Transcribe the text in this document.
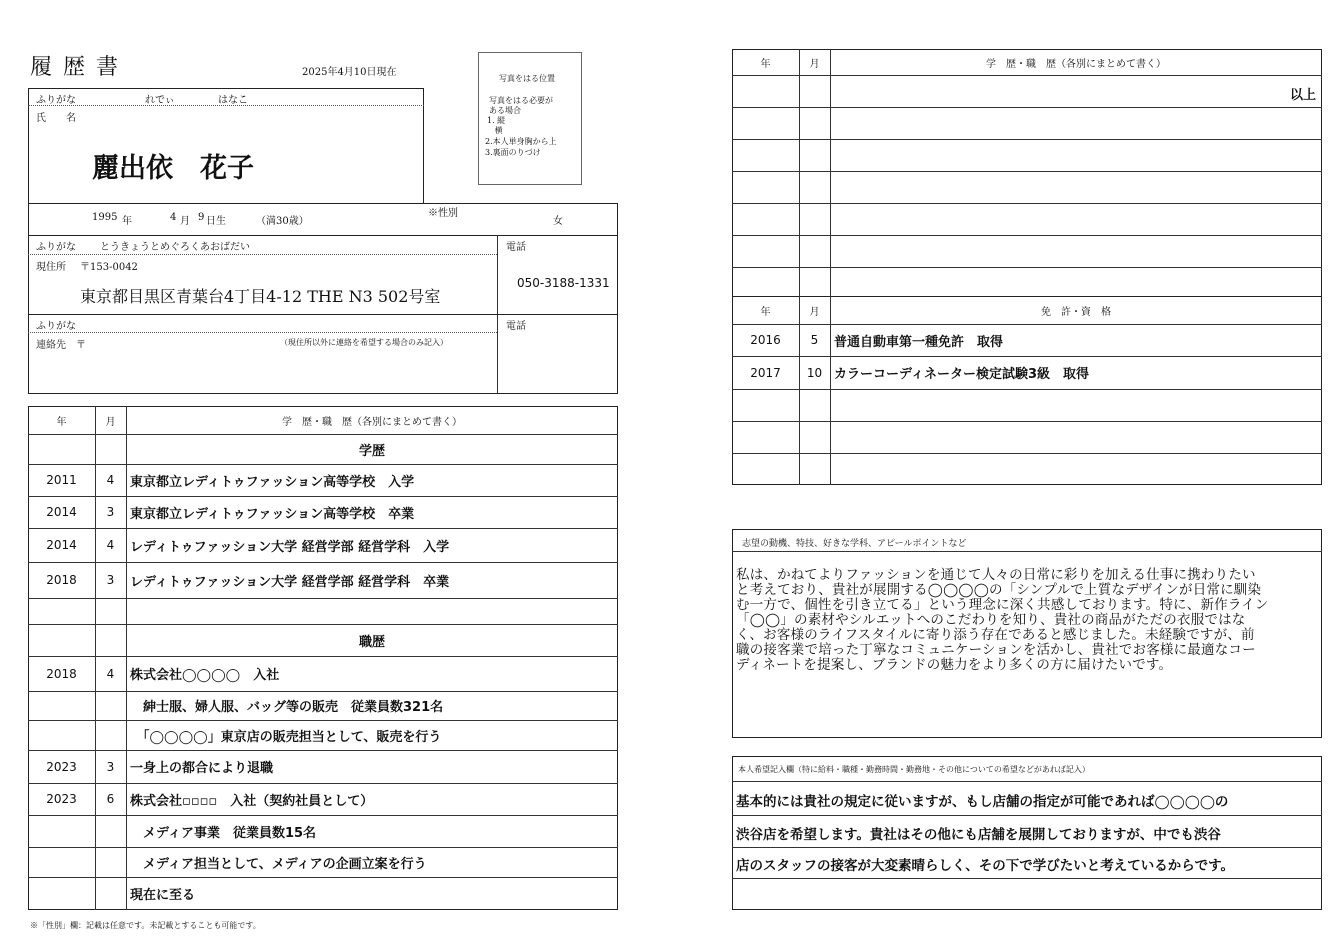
履 歴 書	2025年4月10日現在
写真をはる位置
写真をはる必要が
ある場合
1. 縦
横
2.本人単身胸から上
3.裏面のりづけ
ふりがな	れでぃ	はなこ
氏　　名
麗出依　花子
1995 年	4 月 9 日生	（満30歳）
※性別
女
ふりがな とうきょうとめぐろくあおばだい
現住所 〒153-0042
東京都目黒区青葉台4丁目4-12 THE N3 502号室
電話
050-3188-1331
ふりがな
連絡先　〒	（現住所以外に連絡を希望する場合のみ記入）
電話
年	月	学　歴・職　歴（各別にまとめて書く）
学歴
2011	4	東京都立レディトゥファッション高等学校　入学
2014	3	東京都立レディトゥファッション高等学校　卒業
2014	4	レディトゥファッション大学 経営学部 経営学科　入学
2018	3	レディトゥファッション大学 経営学部 経営学科　卒業
職歴
2018	4	株式会社◯◯◯◯　入社
　紳士服、婦人服、バッグ等の販売　従業員数321名
　「◯◯◯◯」東京店の販売担当として、販売を行う
2023	3	一身上の都合により退職
2023	6	株式会社▫▫▫▫　入社（契約社員として）
　メディア事業　従業員数15名
　メディア担当として、メディアの企画立案を行う
現在に至る
※「性別」欄：記載は任意です。未記載とすることも可能です。
年	月	学　歴・職　歴（各別にまとめて書く）
以上
年	月	免　許・資　格
2016	5	普通自動車第一種免許　取得
2017	10 カラーコーディネーター検定試験3級　取得
志望の動機、特技、好きな学科、アピールポイントなど
私は、かねてよりファッションを通じて人々の日常に彩りを加える仕事に携わりたい
と考えており、貴社が展開する◯◯◯◯の「シンプルで上質なデザインが日常に馴染
む一方で、個性を引き立てる」という理念に深く共感しております。特に、新作ライン
「◯◯」の素材やシルエットへのこだわりを知り、貴社の商品がただの衣服ではな
く、お客様のライフスタイルに寄り添う存在であると感じました。未経験ですが、前
職の接客業で培った丁寧なコミュニケーションを活かし、貴社でお客様に最適なコー
ディネートを提案し、ブランドの魅力をより多くの方に届けたいです。
本人希望記入欄（特に給料・職種・勤務時間・勤務地・その他についての希望などがあれば記入）
基本的には貴社の規定に従いますが、もし店舗の指定が可能であれば◯◯◯◯の
渋谷店を希望します。貴社はその他にも店舗を展開しておりますが、中でも渋谷
店のスタッフの接客が大変素晴らしく、その下で学びたいと考えているからです。
